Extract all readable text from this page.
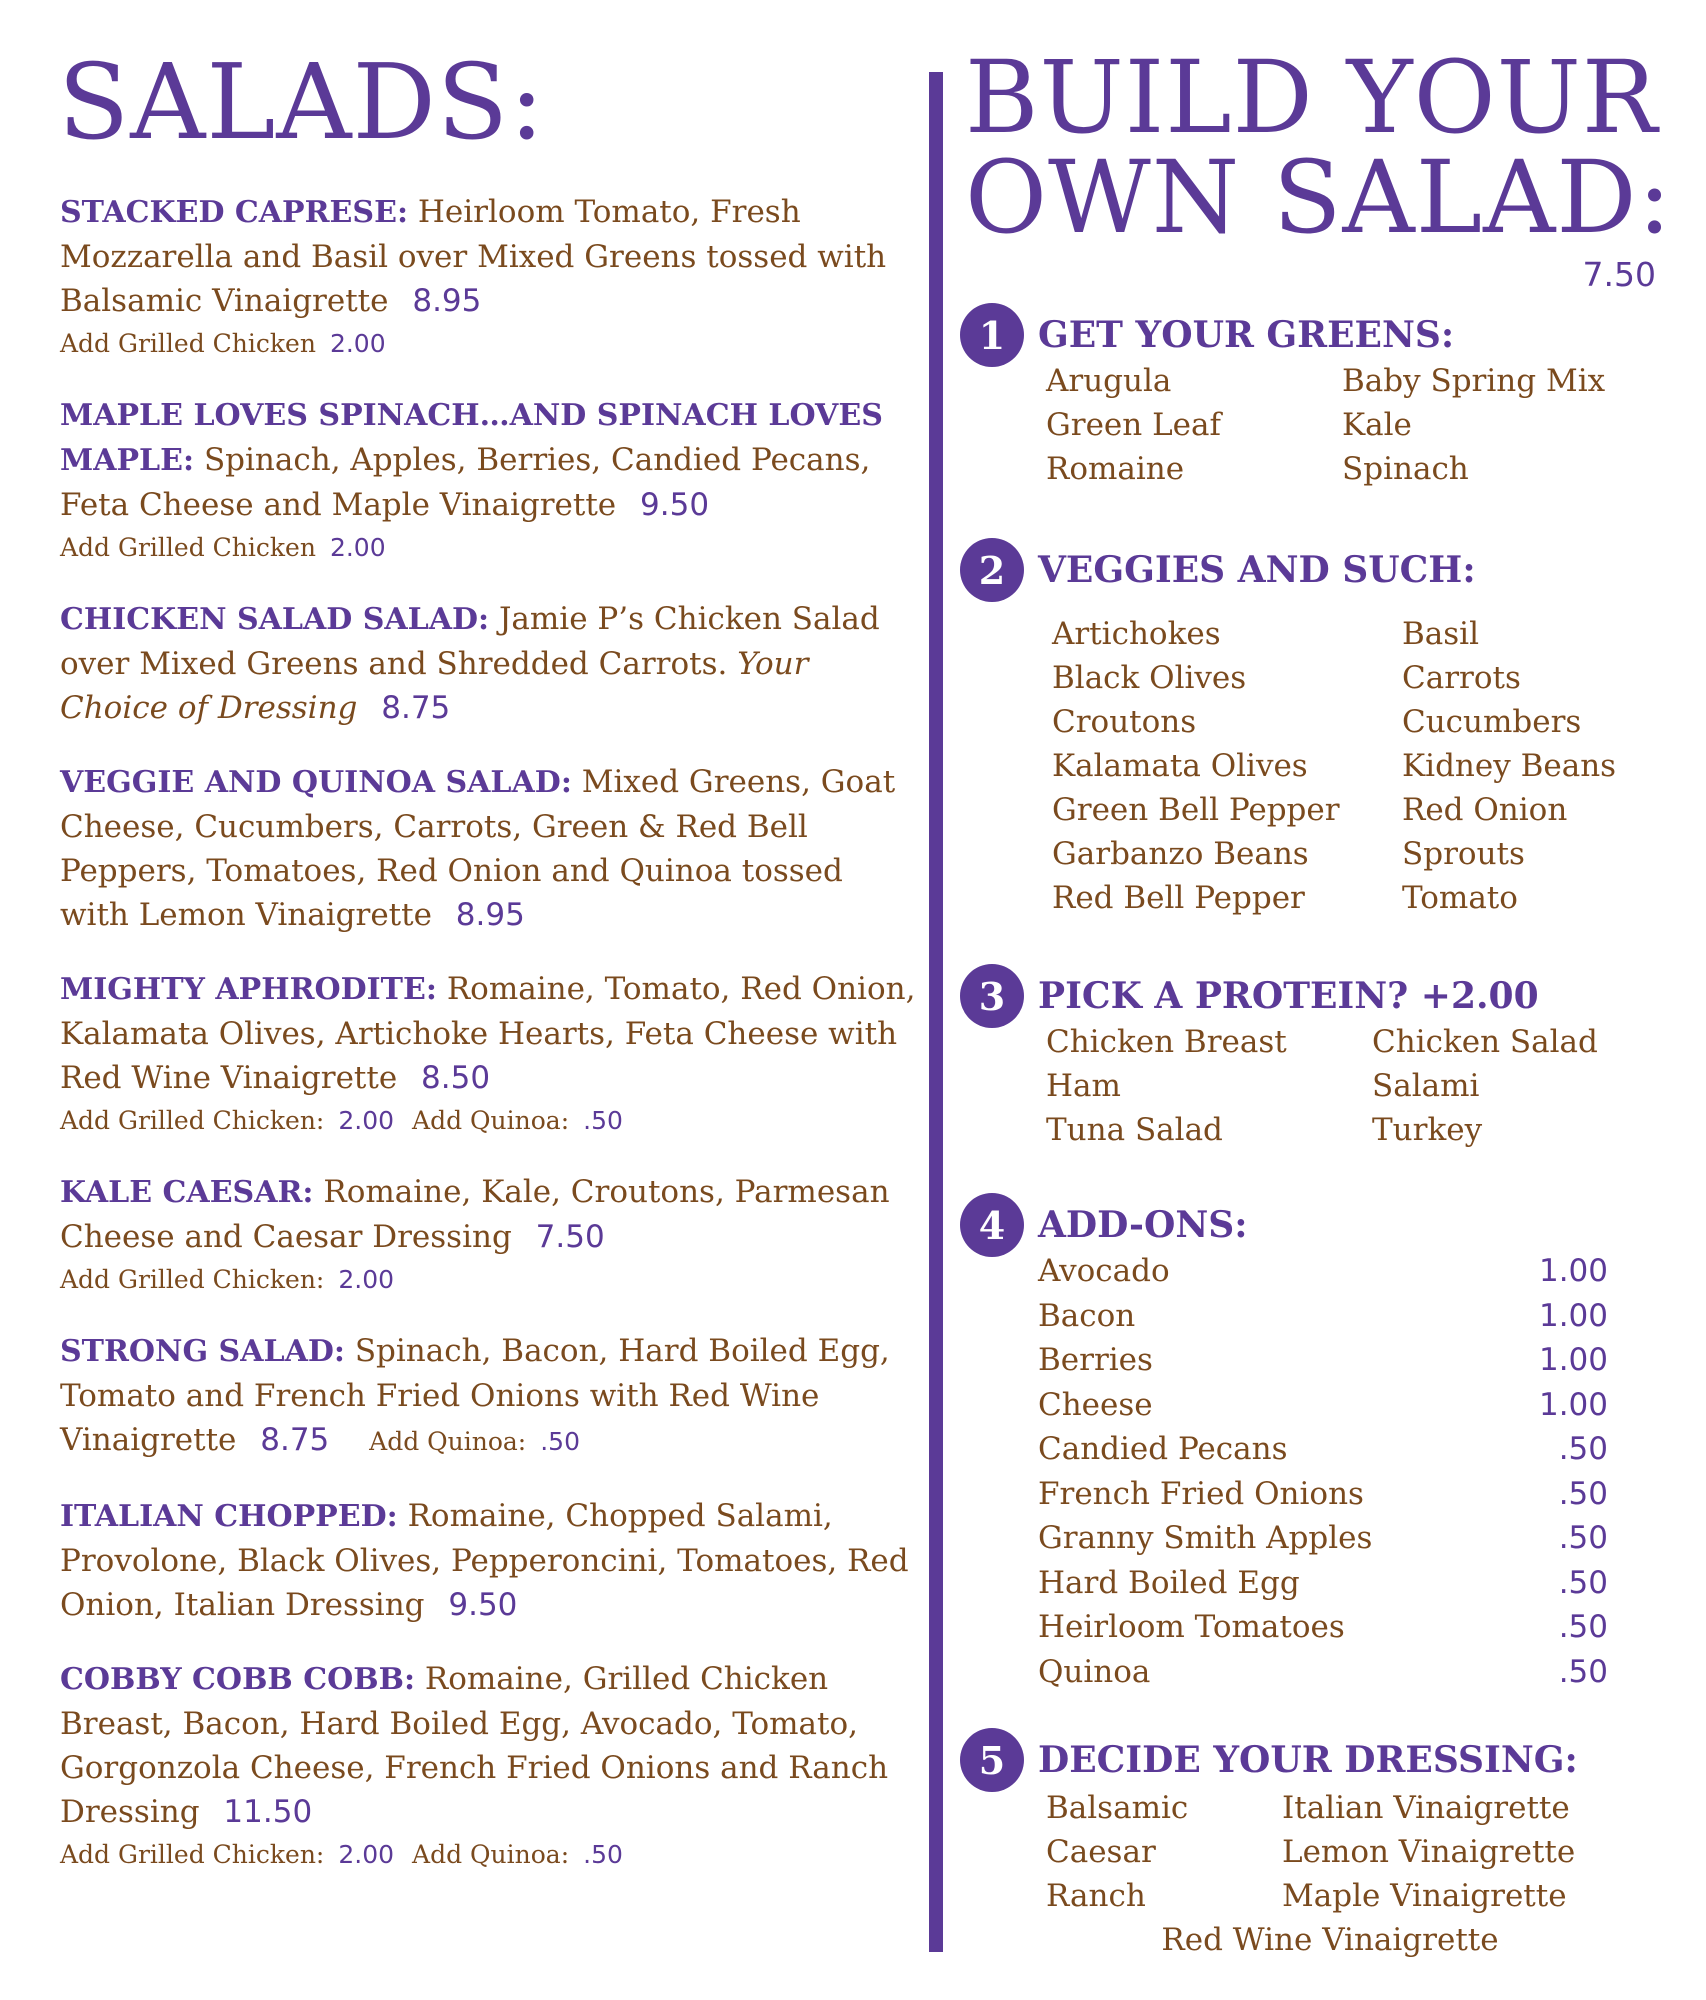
SALADS:
STACKED CAPRESE: Heirloom Tomato, Fresh Mozzarella and Basil over Mixed Greens tossed with Balsamic Vinaigrette 8.95
Add Grilled Chicken 2.00
MAPLE LOVES SPINACH…AND SPINACH LOVES MAPLE: Spinach, Apples, Berries, Candied Pecans, Feta Cheese and Maple Vinaigrette 9.50
Add Grilled Chicken 2.00
CHICKEN SALAD SALAD: Jamie P’s Chicken Salad over Mixed Greens and Shredded Carrots. Your Choice of Dressing 8.75
VEGGIE AND QUINOA SALAD: Mixed Greens, Goat Cheese, Cucumbers, Carrots, Green & Red Bell Peppers, Tomatoes, Red Onion and Quinoa tossed with Lemon Vinaigrette 8.95
MIGHTY APHRODITE: Romaine, Tomato, Red Onion, Kalamata Olives, Artichoke Hearts, Feta Cheese with Red Wine Vinaigrette 8.50
Add Grilled Chicken: 2.00 Add Quinoa: .50
KALE CAESAR: Romaine, Kale, Croutons, Parmesan Cheese and Caesar Dressing 7.50
Add Grilled Chicken: 2.00
STRONG SALAD: Spinach, Bacon, Hard Boiled Egg, Tomato and French Fried Onions with Red Wine Vinaigrette 8.75 Add Quinoa: .50
ITALIAN CHOPPED: Romaine, Chopped Salami, Provolone, Black Olives, Pepperoncini, Tomatoes, Red Onion, Italian Dressing 9.50
COBBY COBB COBB: Romaine, Grilled Chicken Breast, Bacon, Hard Boiled Egg, Avocado, Tomato, Gorgonzola Cheese, French Fried Onions and Ranch Dressing 11.50
Add Grilled Chicken: 2.00 Add Quinoa: .50
BUILD YOUR
OWN SALAD:
7.50
1 GET YOUR GREENS:
Arugula	Baby Spring Mix
Green Leaf	Kale
Romaine	Spinach
2 VEGGIES AND SUCH:
Artichokes	Basil
Black Olives	Carrots
Croutons	Cucumbers
Kalamata Olives	Kidney Beans
Green Bell Pepper	Red Onion
Garbanzo Beans	Sprouts
Red Bell Pepper	Tomato
3 PICK A PROTEIN? +2.00
Chicken Breast	Chicken Salad
Ham	Salami
Tuna Salad	Turkey
4 ADD-ONS:
Avocado	1.00
Bacon	1.00
Berries	1.00
Cheese	1.00
Candied Pecans	.50
French Fried Onions	.50
Granny Smith Apples	.50
Hard Boiled Egg	.50
Heirloom Tomatoes	.50
Quinoa	.50
5 DECIDE YOUR DRESSING:
Balsamic	Italian Vinaigrette
Caesar	Lemon Vinaigrette
Ranch	Maple Vinaigrette
Red Wine Vinaigrette
